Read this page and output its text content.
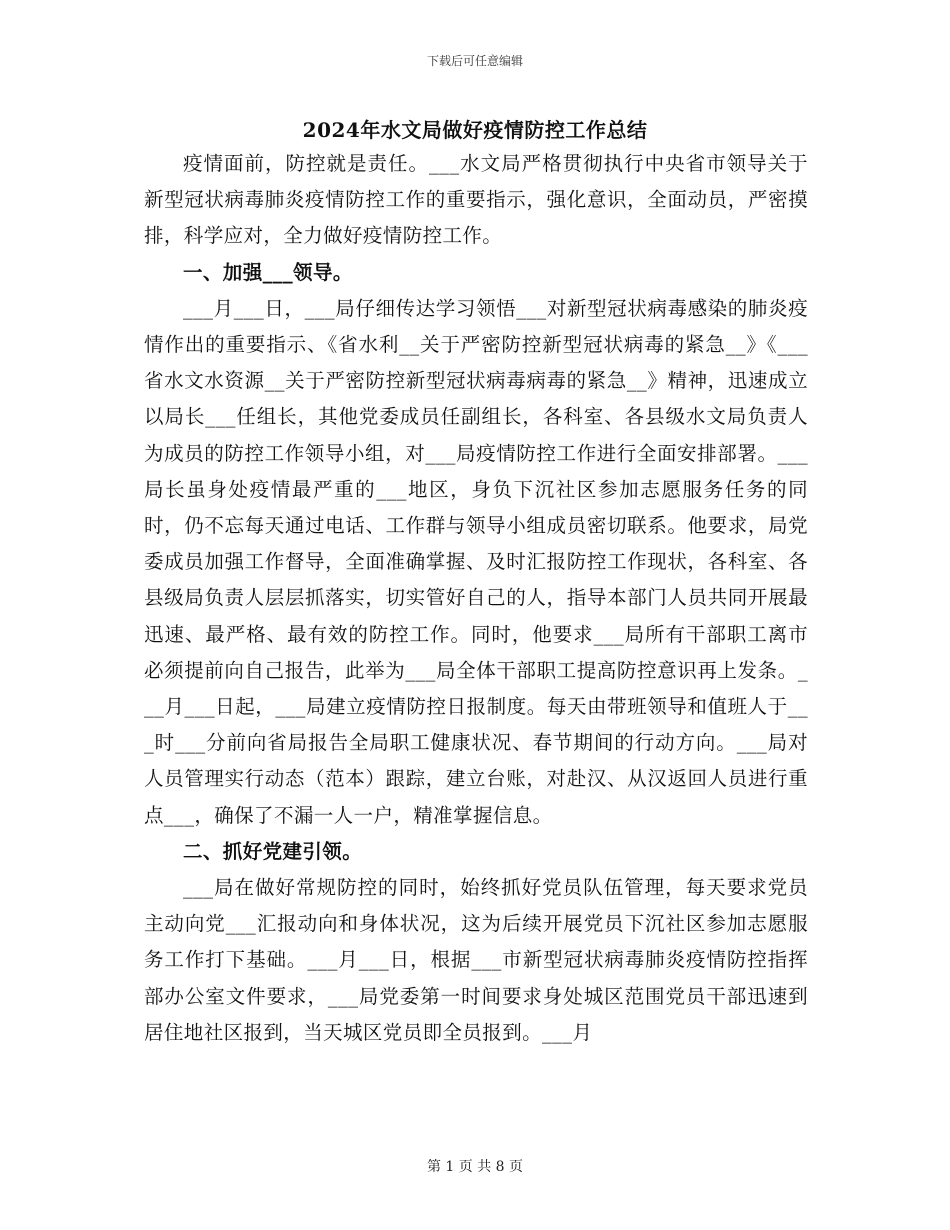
下载后可任意编辑
2024年水文局做好疫情防控工作总结

疫情面前，防控就是责任。___水文局严格贯彻执行中央省市领导关于新型冠状病毒肺炎疫情防控工作的重要指示，强化意识，全面动员，严密摸排，科学应对，全力做好疫情防控工作。

一、加强___领导。

___月___日，___局仔细传达学习领悟___对新型冠状病毒感染的肺炎疫情作出的重要指示、《省水利__关于严密防控新型冠状病毒的紧急__》《___省水文水资源__关于严密防控新型冠状病毒病毒的紧急__》精神，迅速成立以局长___任组长，其他党委成员任副组长，各科室、各县级水文局负责人为成员的防控工作领导小组，对___局疫情防控工作进行全面安排部署。___局长虽身处疫情最严重的___地区，身负下沉社区参加志愿服务任务的同时，仍不忘每天通过电话、工作群与领导小组成员密切联系。他要求，局党委成员加强工作督导，全面准确掌握、及时汇报防控工作现状，各科室、各县级局负责人层层抓落实，切实管好自己的人，指导本部门人员共同开展最迅速、最严格、最有效的防控工作。同时，他要求___局所有干部职工离市必须提前向自己报告，此举为___局全体干部职工提高防控意识再上发条。___月___日起，___局建立疫情防控日报制度。每天由带班领导和值班人于___时___分前向省局报告全局职工健康状况、春节期间的行动方向。___局对人员管理实行动态（范本）跟踪，建立台账，对赴汉、从汉返回人员进行重点___，确保了不漏一人一户，精准掌握信息。

二、抓好党建引领。

___局在做好常规防控的同时，始终抓好党员队伍管理，每天要求党员主动向党___汇报动向和身体状况，这为后续开展党员下沉社区参加志愿服务工作打下基础。___月___日，根据___市新型冠状病毒肺炎疫情防控指挥部办公室文件要求，___局党委第一时间要求身处城区范围党员干部迅速到居住地社区报到，当天城区党员即全员报到。___月

第 1 页 共 8 页
